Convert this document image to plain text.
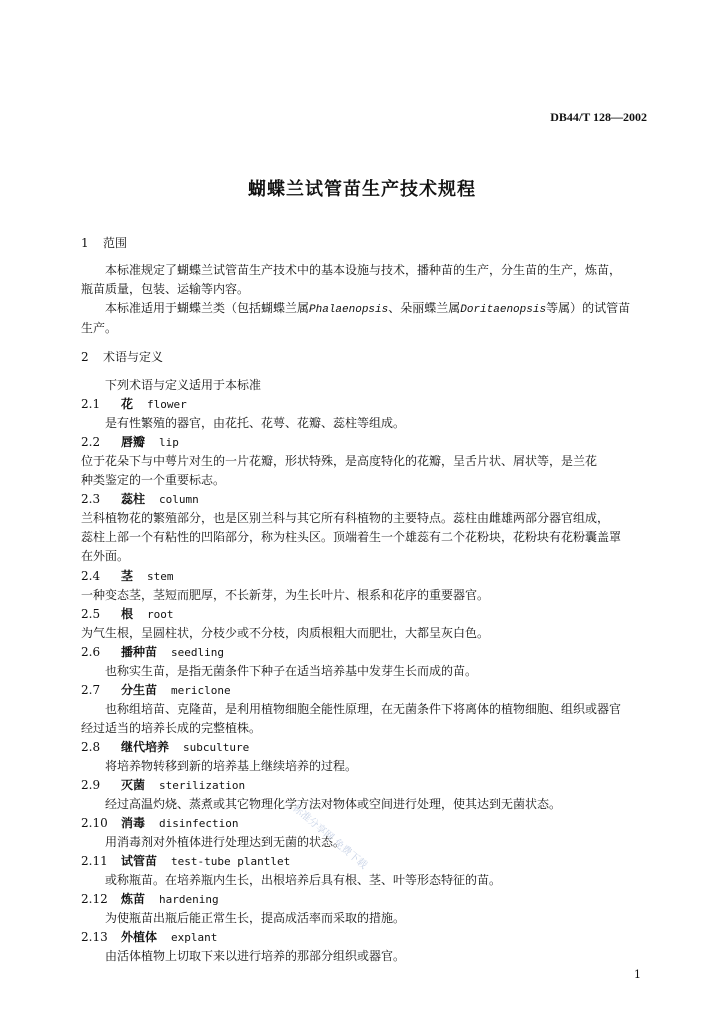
DB44/T 128—2002
蝴蝶兰试管苗生产技术规程
1 范围
本标准规定了蝴蝶兰试管苗生产技术中的基本设施与技术，播种苗的生产，分生苗的生产，炼苗，
瓶苗质量，包装、运输等内容。
本标准适用于蝴蝶兰类（包括蝴蝶兰属Phalaenopsis、朵丽蝶兰属Doritaenopsis等属）的试管苗
生产。
2 术语与定义
下列术语与定义适用于本标准
2.1 花 flower
是有性繁殖的器官，由花托、花萼、花瓣、蕊柱等组成。
2.2 唇瓣 lip
位于花朵下与中萼片对生的一片花瓣，形状特殊，是高度特化的花瓣，呈舌片状、屑状等，是兰花
种类鉴定的一个重要标志。
2.3 蕊柱 column
兰科植物花的繁殖部分，也是区别兰科与其它所有科植物的主要特点。蕊柱由雌雄两部分器官组成，
蕊柱上部一个有粘性的凹陷部分，称为柱头区。顶端着生一个雄蕊有二个花粉块，花粉块有花粉囊盖罩
在外面。
2.4 茎 stem
一种变态茎，茎短而肥厚，不长新芽，为生长叶片、根系和花序的重要器官。
2.5 根 root
为气生根，呈圆柱状，分枝少或不分枝，肉质根粗大而肥壮，大都呈灰白色。
2.6 播种苗 seedling
也称实生苗，是指无菌条件下种子在适当培养基中发芽生长而成的苗。
2.7 分生苗 mericlone
也称组培苗、克隆苗，是利用植物细胞全能性原理，在无菌条件下将离体的植物细胞、组织或器官
经过适当的培养长成的完整植株。
2.8 继代培养 subculture
将培养物转移到新的培养基上继续培养的过程。
2.9 灭菌 sterilization
经过高温灼烧、蒸煮或其它物理化学方法对物体或空间进行处理，使其达到无菌状态。
2.10 消毒 disinfection
用消毒剂对外植体进行处理达到无菌的状态。
2.11 试管苗 test-tube plantlet
或称瓶苗。在培养瓶内生长，出根培养后具有根、茎、叶等形态特征的苗。
2.12 炼苗 hardening
为使瓶苗出瓶后能正常生长，提高成活率而采取的措施。
2.13 外植体 explant
由活体植物上切取下来以进行培养的那部分组织或器官。
标准分享网 免费下载
1
